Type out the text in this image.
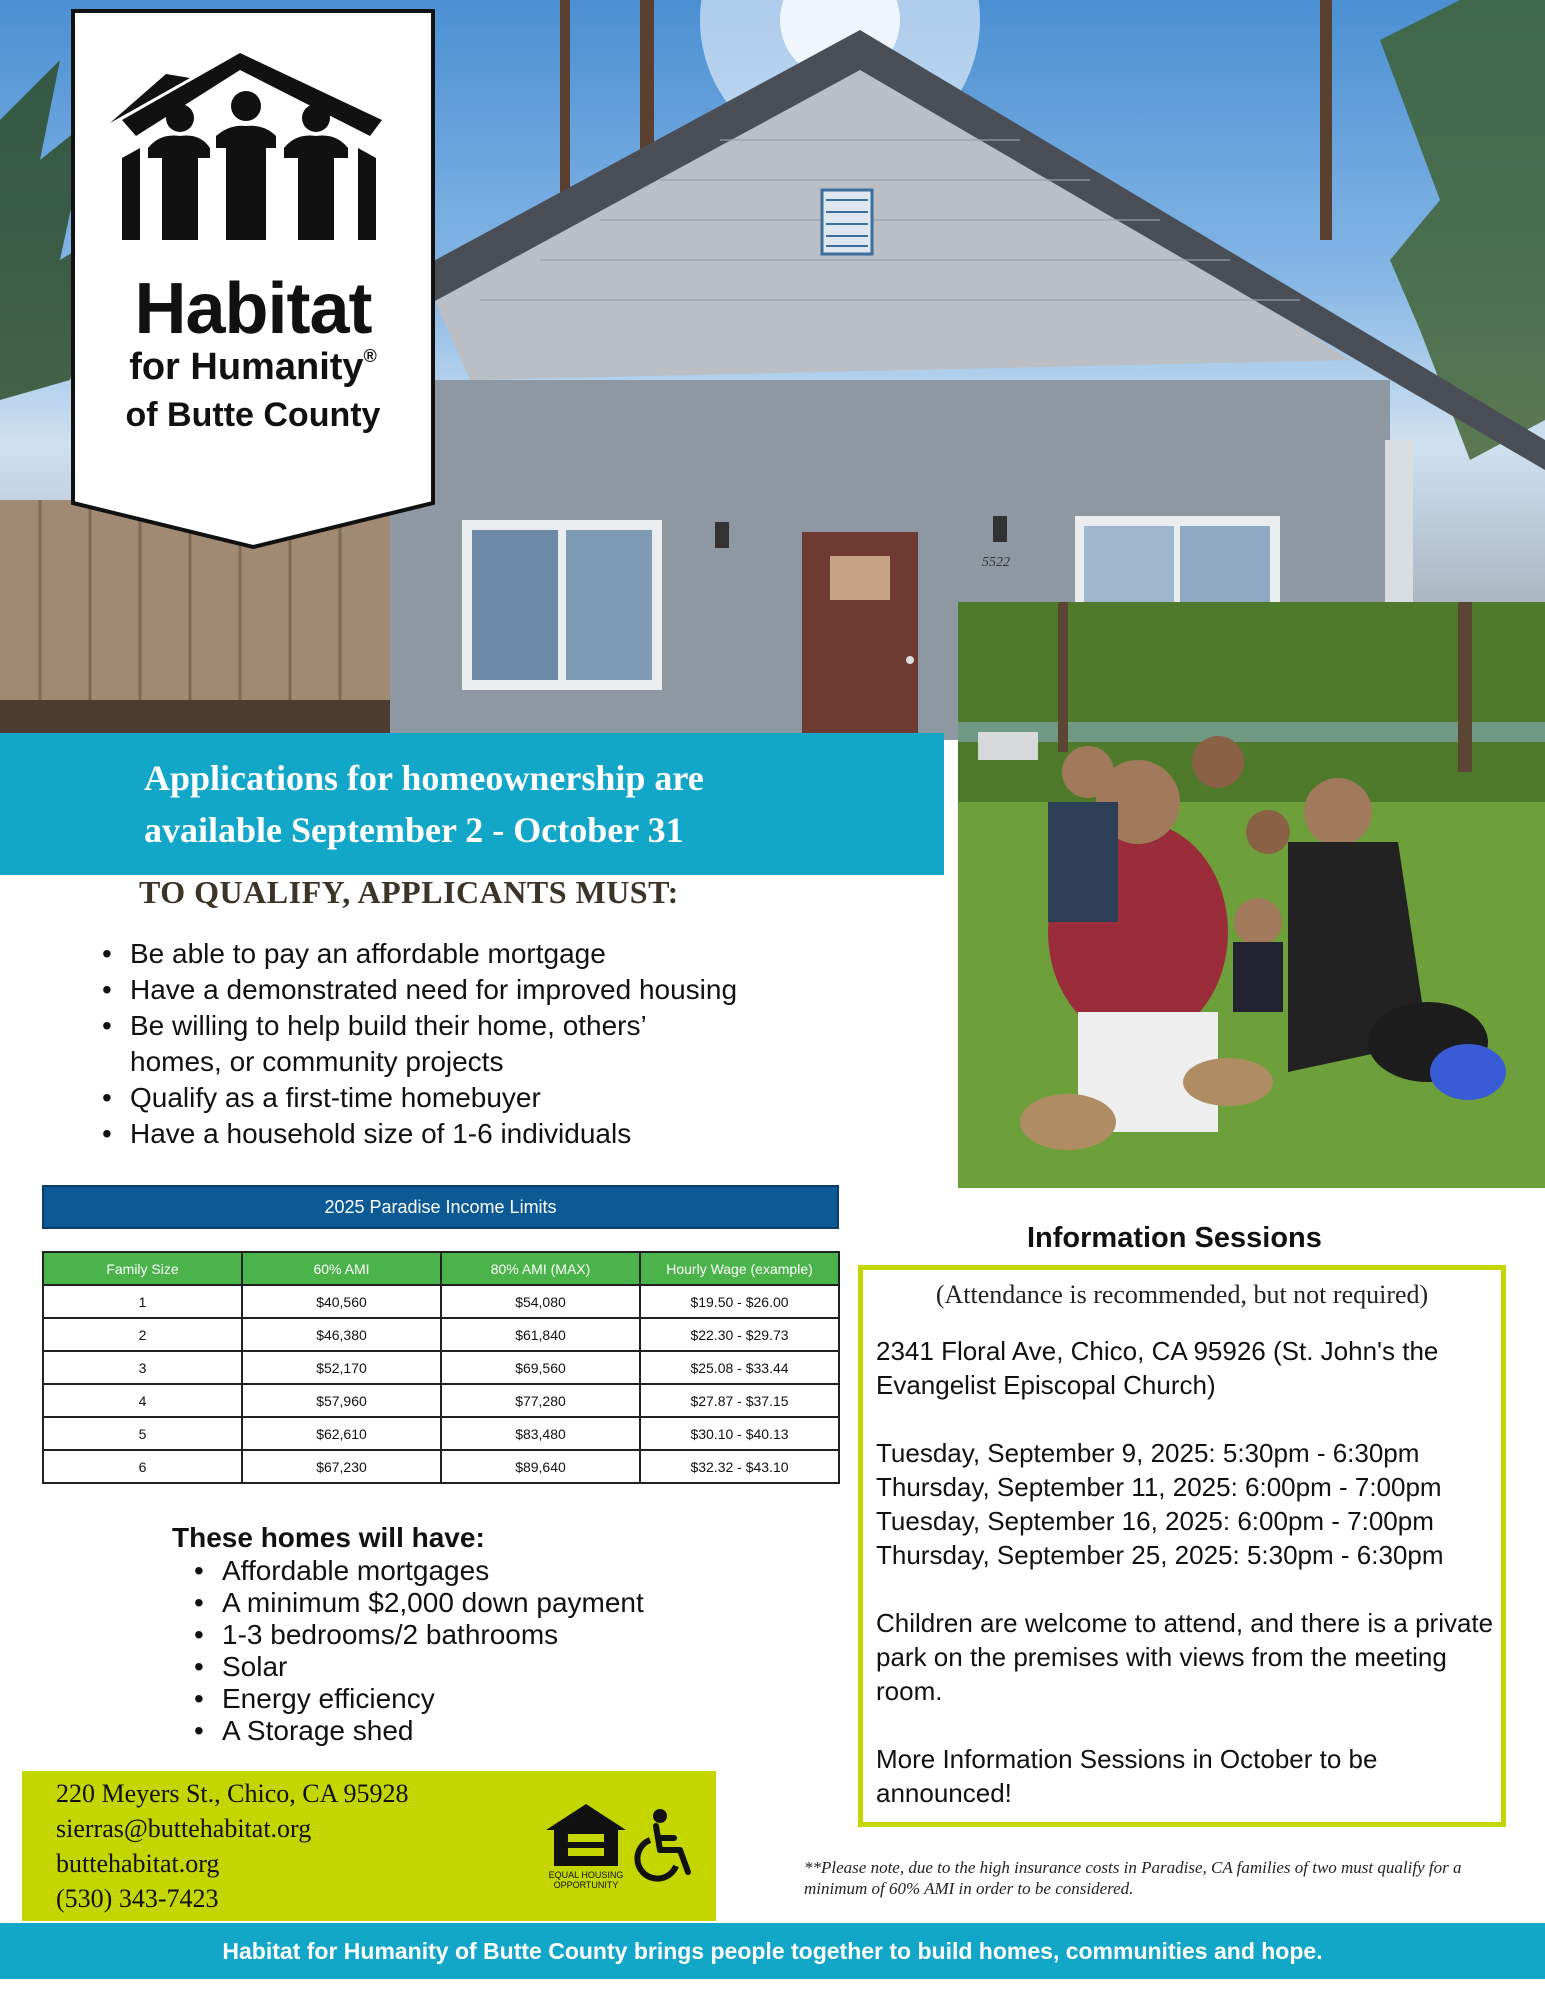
5522
Habitat
for Humanity®
of Butte County
Applications for homeownership are
available September 2 - October 31
TO QUALIFY, APPLICANTS MUST:
• Be able to pay an affordable mortgage
• Have a demonstrated need for improved housing
• Be willing to help build their home, others’ homes, or community projects
• Qualify as a first-time homebuyer
• Have a household size of 1-6 individuals
2025 Paradise Income Limits
Family Size	60% AMI	80% AMI (MAX)	Hourly Wage (example)
1	$40,560	$54,080	$19.50 - $26.00
2	$46,380	$61,840	$22.30 - $29.73
3	$52,170	$69,560	$25.08 - $33.44
4	$57,960	$77,280	$27.87 - $37.15
5	$62,610	$83,480	$30.10 - $40.13
6	$67,230	$89,640	$32.32 - $43.10
These homes will have:
• Affordable mortgages
• A minimum $2,000 down payment
• 1-3 bedrooms/2 bathrooms
• Solar
• Energy efficiency
• A Storage shed
220 Meyers St., Chico, CA 95928
sierras@buttehabitat.org
buttehabitat.org
(530) 343-7423
EQUAL HOUSING
OPPORTUNITY
Information Sessions
(Attendance is recommended, but not required)

2341 Floral Ave, Chico, CA 95926 (St. John's the Evangelist Episcopal Church)

Tuesday, September 9, 2025: 5:30pm - 6:30pm
Thursday, September 11, 2025: 6:00pm - 7:00pm
Tuesday, September 16, 2025: 6:00pm - 7:00pm
Thursday, September 25, 2025: 5:30pm - 6:30pm

Children are welcome to attend, and there is a private park on the premises with views from the meeting room.

More Information Sessions in October to be announced!

**Please note, due to the high insurance costs in Paradise, CA families of two must qualify for a minimum of 60% AMI in order to be considered.
Habitat for Humanity of Butte County brings people together to build homes, communities and hope.
